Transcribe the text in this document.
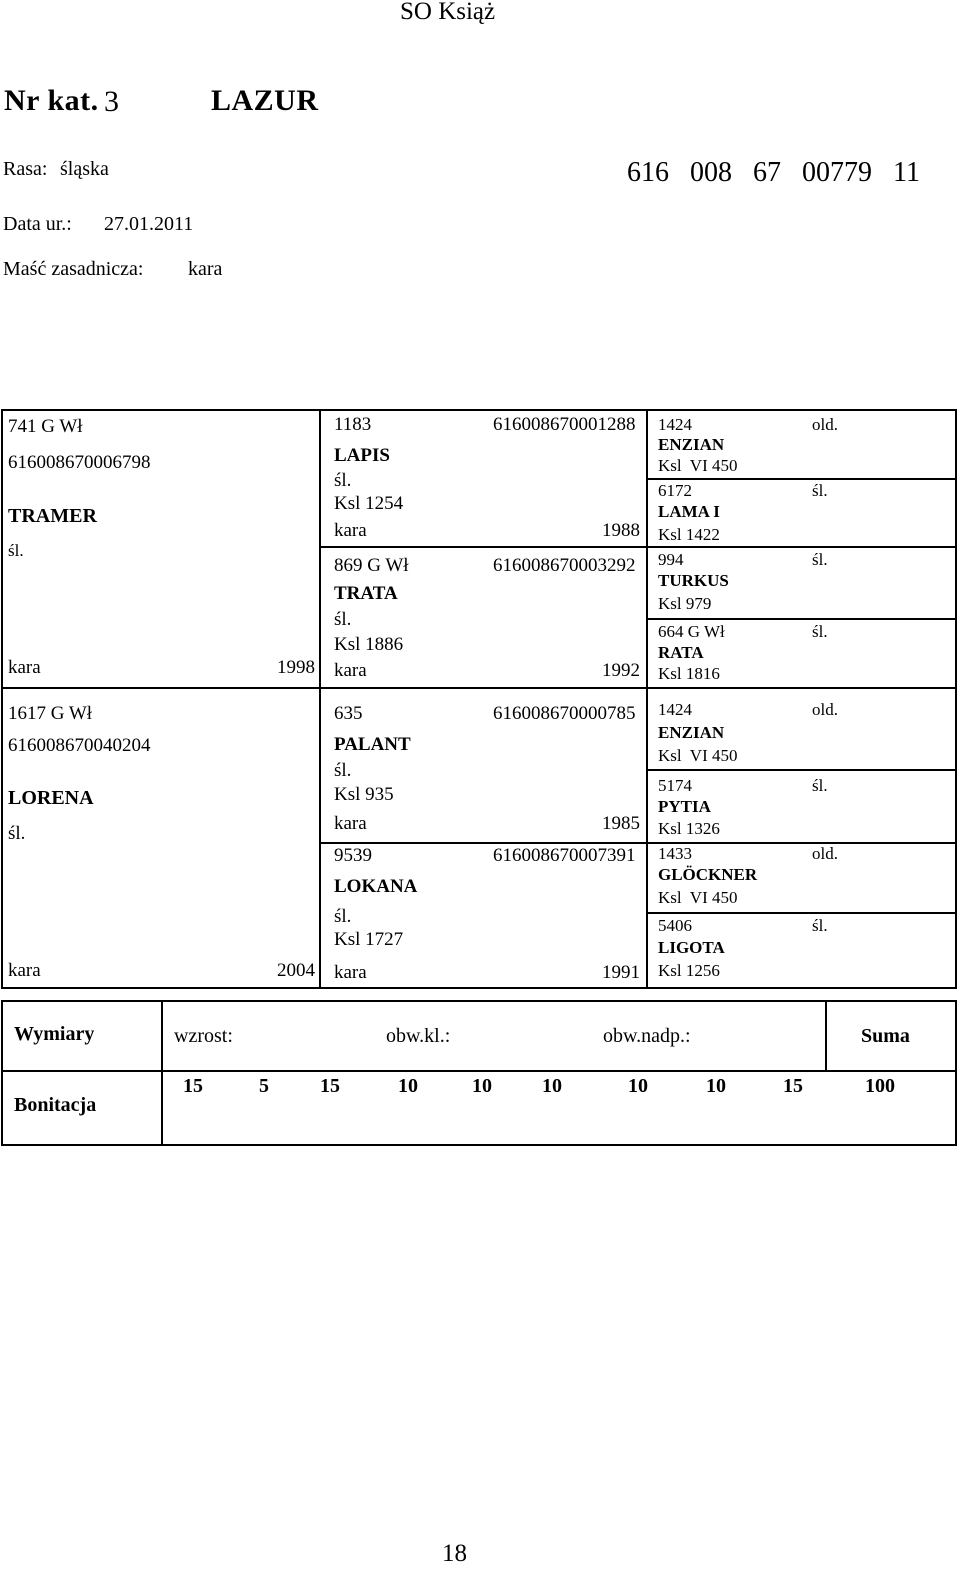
SO Książ
Nr kat. 3	LAZUR
Rasa: śląska	616   008   67   00779   11
Data ur.: 27.01.2011
Maść zasadnicza: kara
741 G Wł
616008670006798
TRAMER
śl.
kara	1998
1183	616008670001288
LAPIS
śl.
Ksl 1254
kara	1988
869 G Wł	616008670003292
TRATA
śl.
Ksl 1886
kara	1992
1424	old.
ENZIAN
Ksl  VI 450
6172	śl.
LAMA I
Ksl 1422
994	śl.
TURKUS
Ksl 979
664 G Wł	śl.
RATA
Ksl 1816
1617 G Wł
616008670040204
LORENA
śl.
kara	2004
635	616008670000785
PALANT
śl.
Ksl 935
kara	1985
9539	616008670007391
LOKANA
śl.
Ksl 1727
kara	1991
1424	old.
ENZIAN
Ksl  VI 450
5174	śl.
PYTIA
Ksl 1326
1433	old.
GLÖCKNER
Ksl  VI 450
5406	śl.
LIGOTA
Ksl 1256
Wymiary	wzrost:	obw.kl.:	obw.nadp.:	Suma
Bonitacja
15	5	15	10	10	10	10	10	15	100
18
